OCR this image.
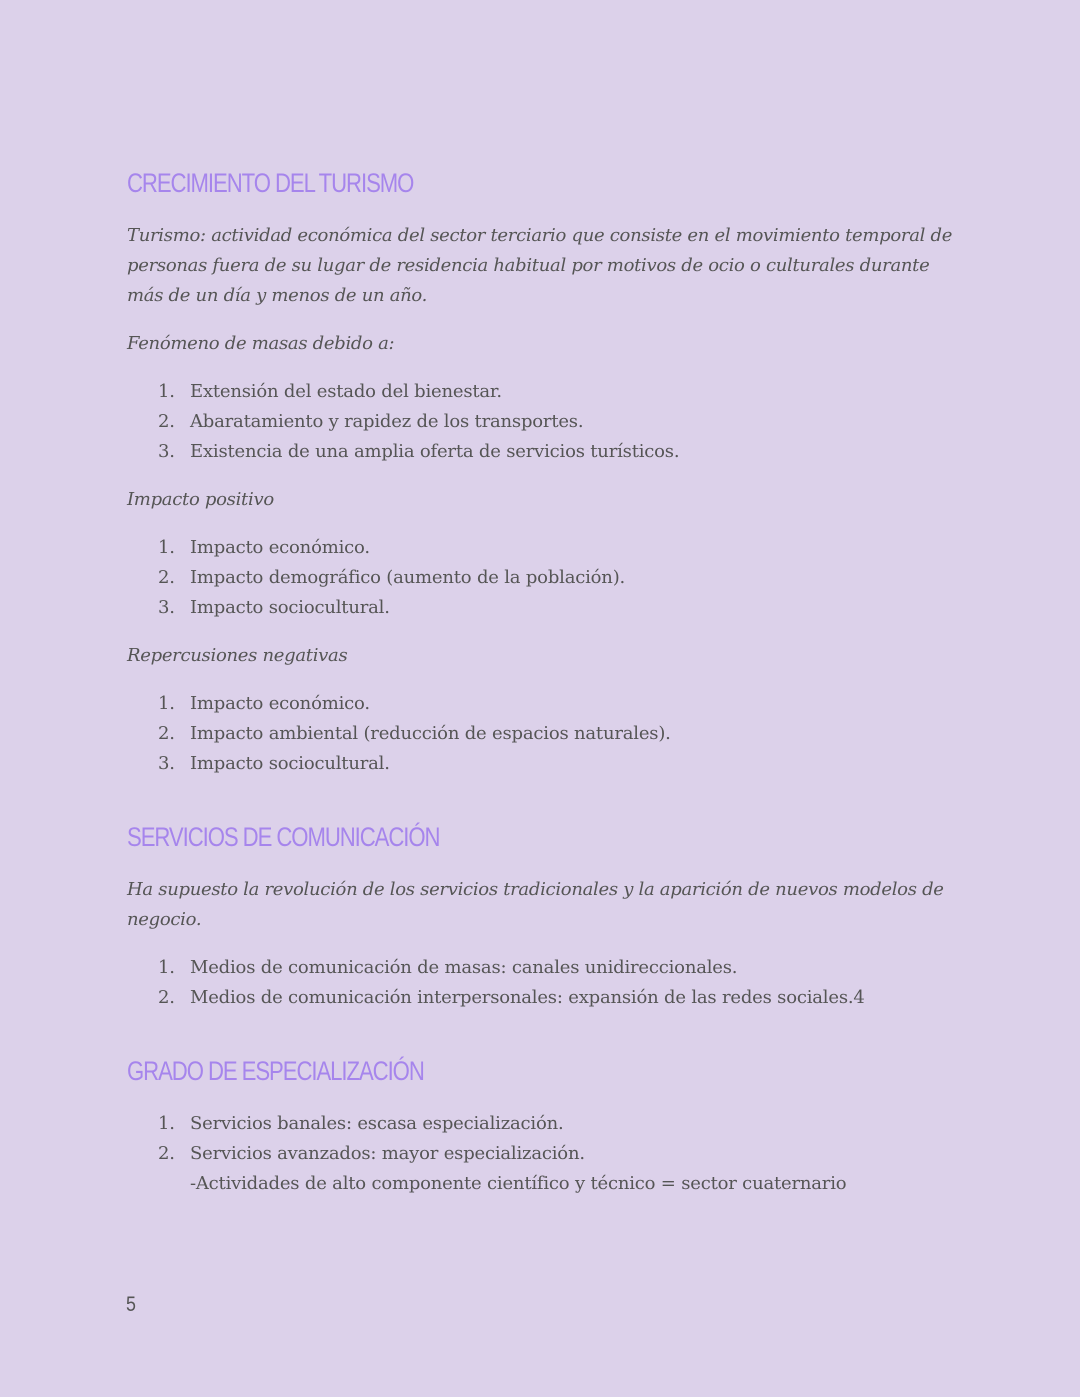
CRECIMIENTO DEL TURISMO

Turismo: actividad económica del sector terciario que consiste en el movimiento temporal de personas fuera de su lugar de residencia habitual por motivos de ocio o culturales durante más de un día y menos de un año.

Fenómeno de masas debido a:

1. Extensión del estado del bienestar.
2. Abaratamiento y rapidez de los transportes.
3. Existencia de una amplia oferta de servicios turísticos.

Impacto positivo

1. Impacto económico.
2. Impacto demográfico (aumento de la población).
3. Impacto sociocultural.

Repercusiones negativas

1. Impacto económico.
2. Impacto ambiental (reducción de espacios naturales).
3. Impacto sociocultural.
SERVICIOS DE COMUNICACIÓN

Ha supuesto la revolución de los servicios tradicionales y la aparición de nuevos modelos de negocio.

1. Medios de comunicación de masas: canales unidireccionales.
2. Medios de comunicación interpersonales: expansión de las redes sociales.4
GRADO DE ESPECIALIZACIÓN
1. Servicios banales: escasa especialización.
2. Servicios avanzados: mayor especialización.
-Actividades de alto componente científico y técnico = sector cuaternario
5
